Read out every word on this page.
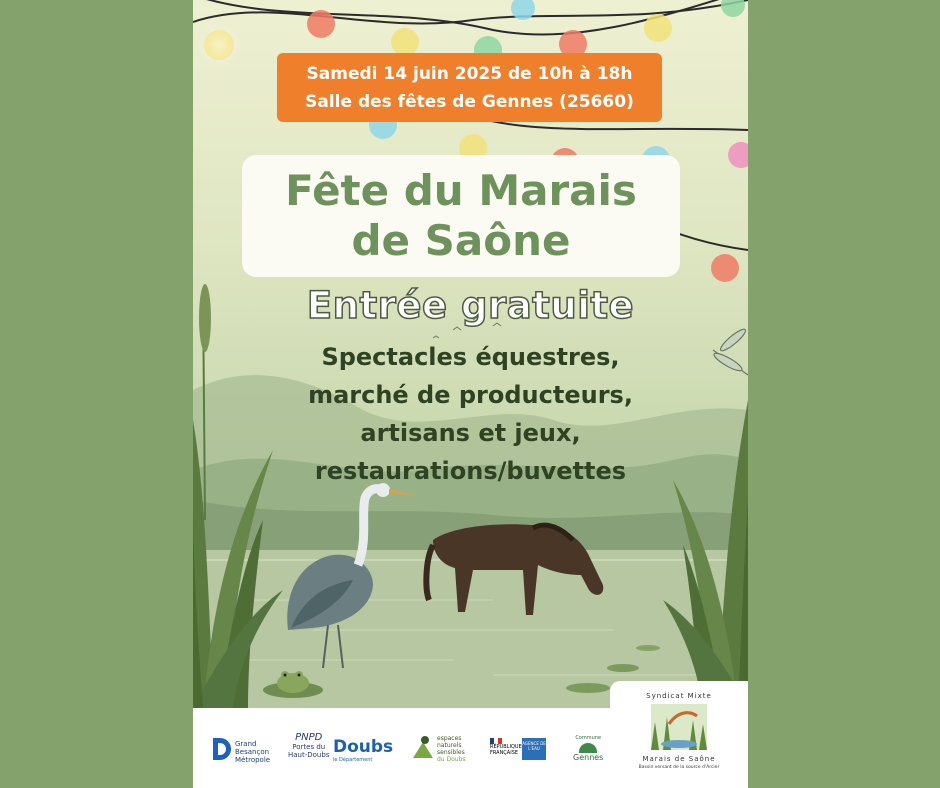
Samedi 14 juin 2025 de 10h à 18h
Salle des fêtes de Gennes (25660)
Fête du Marais
de Saône
Entrée gratuite
Spectacles équestres,
marché de producteurs,
artisans et jeux,
restaurations/buvettes
Grand
Besançon
Métropole
PNPD
Portes du
Haut-Doubs Doubs
le Département
espaces
naturels
sensibles
du Doubs
RÉPUBLIQUE
FRANÇAISE
AGENCE DE L'EAU
Commune
Gennes
Syndicat Mixte
Marais de Saône
Bassin versant de la source d'Arcier
